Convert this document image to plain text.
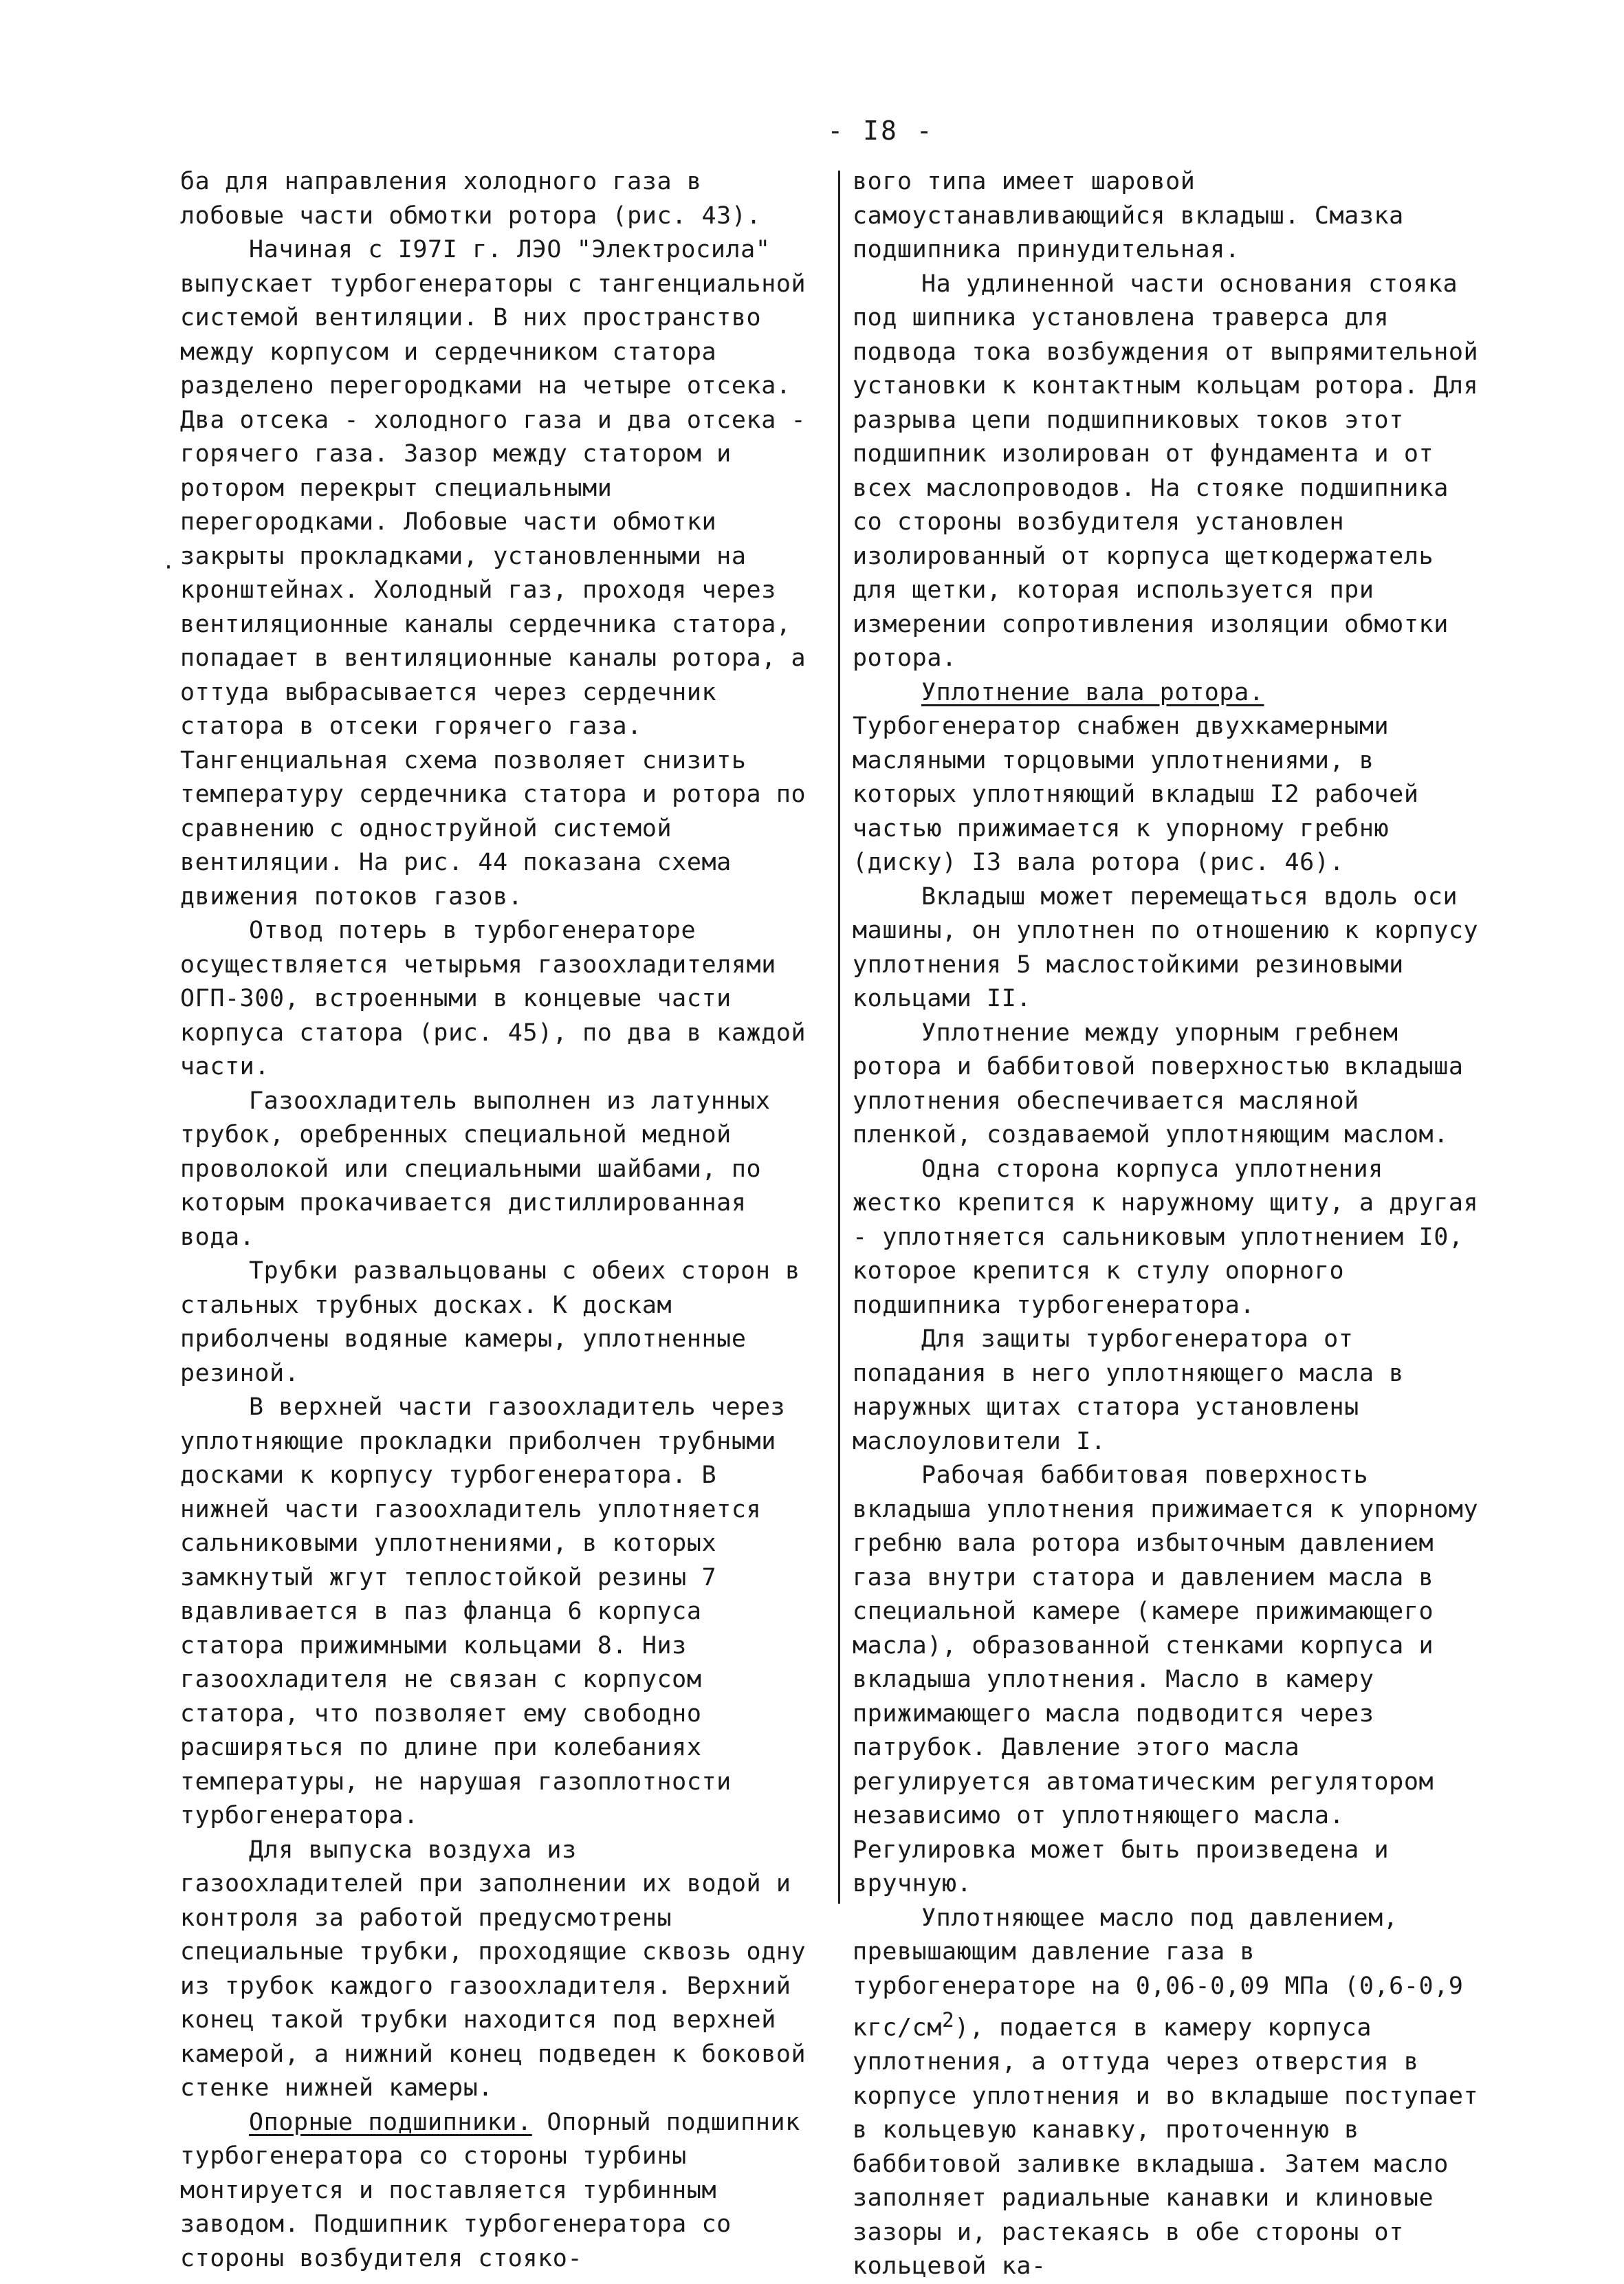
- I8 -
·

ба для направления холодного газа в лобовые части обмотки ротора (рис. 43).

Начиная с I97I г. ЛЭО "Электросила" выпускает турбогенераторы с тангенциальной системой вентиляции. В них пространство между корпусом и сердечником статора разделено перегородками на четыре отсека. Два отсека - холодного газа и два отсека - горячего газа. Зазор между статором и ротором перекрыт специальными перегородками. Лобовые части обмотки закрыты прокладками, установленными на кронштейнах. Холодный газ, проходя через вентиляционные каналы сердечника статора, попадает в вентиляционные каналы ротора, а оттуда выбрасывается через сердечник статора в отсеки горячего газа. Тангенциальная схема позволяет снизить температуру сердечника статора и ротора по сравнению с одноструйной системой вентиляции. На рис. 44 показана схема движения потоков газов.

Отвод потерь в турбогенераторе осуществляется четырьмя газоохладителями ОГП-300, встроенными в концевые части корпуса статора (рис. 45), по два в каждой части.

Газоохладитель выполнен из латунных трубок, оребренных специальной медной проволокой или специальными шайбами, по которым прокачивается дистиллированная вода.

Трубки развальцованы с обеих сторон в стальных трубных досках. К доскам приболчены водяные камеры, уплотненные резиной.

В верхней части газоохладитель через уплотняющие прокладки приболчен трубными досками к корпусу турбогенератора. В нижней части газоохладитель уплотняется сальниковыми уплотнениями, в которых замкнутый жгут теплостойкой резины 7 вдавливается в паз фланца 6 корпуса статора прижимными кольцами 8. Низ газоохладителя не связан с корпусом статора, что позволяет ему свободно расширяться по длине при колебаниях температуры, не нарушая газоплотности турбогенератора.

Для выпуска воздуха из газоохладителей при заполнении их водой и контроля за работой предусмотрены специальные трубки, проходящие сквозь одну из трубок каждого газоохладителя. Верхний конец такой трубки находится под верхней камерой, а нижний конец подведен к боковой стенке нижней камеры.

Опорные подшипники. Опорный подшипник турбогенератора со стороны турбины монтируется и поставляется турбинным заводом. Подшипник турбогенератора со стороны возбудителя стояко-

вого типа имеет шаровой самоустанавливающийся вкладыш. Смазка подшипника принудительная.

На удлиненной части основания стояка под шипника установлена траверса для подвода тока возбуждения от выпрямительной установки к контактным кольцам ротора. Для разрыва цепи подшипниковых токов этот подшипник изолирован от фундамента и от всех маслопроводов. На стояке подшипника со стороны возбудителя установлен изолированный от корпуса щеткодержатель для щетки, которая используется при измерении сопротивления изоляции обмотки ротора.

Уплотнение вала ротора. Турбогенератор снабжен двухкамерными масляными торцовыми уплотнениями, в которых уплотняющий вкладыш I2 рабочей частью прижимается к упорному гребню (диску) I3 вала ротора (рис. 46).

Вкладыш может перемещаться вдоль оси машины, он уплотнен по отношению к корпусу уплотнения 5 маслостойкими резиновыми кольцами II.

Уплотнение между упорным гребнем ротора и баббитовой поверхностью вкладыша уплотнения обеспечивается масляной пленкой, создаваемой уплотняющим маслом.

Одна сторона корпуса уплотнения жестко крепится к наружному щиту, а другая - уплотняется сальниковым уплотнением I0, которое крепится к стулу опорного подшипника турбогенератора.

Для защиты турбогенератора от попадания в него уплотняющего масла в наружных щитах статора установлены маслоуловители I.

Рабочая баббитовая поверхность вкладыша уплотнения прижимается к упорному гребню вала ротора избыточным давлением газа внутри статора и давлением масла в специальной камере (камере прижимающего масла), образованной стенками корпуса и вкладыша уплотнения. Масло в камеру прижимающего масла подводится через патрубок. Давление этого масла регулируется автоматическим регулятором независимо от уплотняющего масла. Регулировка может быть произведена и вручную.

Уплотняющее масло под давлением, превышающим давление газа в турбогенераторе на 0,06-0,09 МПа (0,6-0,9 кгс/$см^2$), подается в камеру корпуса уплотнения, а оттуда через отверстия в корпусе уплотнения и во вкладыше поступает в кольцевую канавку, проточенную в баббитовой заливке вкладыша. Затем масло заполняет радиальные канавки и клиновые зазоры и, растекаясь в обе стороны от кольцевой ка-
